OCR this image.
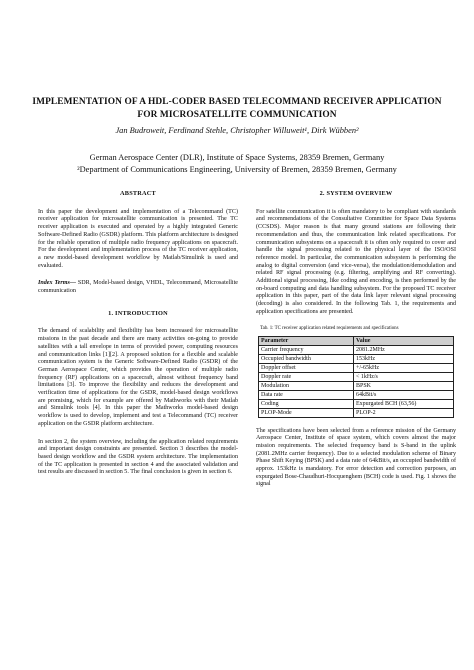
IMPLEMENTATION OF A HDL-CODER BASED TELECOMMAND RECEIVER APPLICATION FOR MICROSATELLITE COMMUNICATION
Jan Budroweit, Ferdinand Stehle, Christopher Willuweit¹, Dirk Wübben²
German Aerospace Center (DLR), Institute of Space Systems, 28359 Bremen, Germany
²Department of Communications Engineering, University of Bremen, 28359 Bremen, Germany
ABSTRACT
In this paper the development and implementation of a Telecommand (TC) receiver application for microsatellite communication is presented. The TC receiver application is executed and operated by a highly integrated Generic Software-Defined Radio (GSDR) platform. This platform architecture is designed for the reliable operation of multiple radio frequency applications on spacecraft. For the development and implementation process of the TC receiver application, a new model-based development workflow by Matlab/Simulink is used and evaluated.
Index Terms— SDR, Model-based design, VHDL, Telecommand, Microsatellite communication
1. INTRODUCTION
The demand of scalability and flexibility has been increased for microsatellite missions in the past decade and there are many activities on-going to provide satellites with a tall envelope in terms of provided power, computing resources and communication links [1][2]. A proposed solution for a flexible and scalable communication system is the Generic Software-Defined Radio (GSDR) of the German Aerospace Center, which provides the operation of multiple radio frequency (RF) applications on a spacecraft, almost without frequency band limitations [3]. To improve the flexibility and reduces the development and verification time of applications for the GSDR, model-based design workflows are promising, which for example are offered by Mathworks with their Matlab and Simulink tools [4]. In this paper the Mathworks model-based design workflow is used to develop, implement and test a Telecommand (TC) receiver application on the GSDR platform architecture.
In section 2, the system overview, including the application related requirements and important design constraints are presented. Section 3 describes the model-based design workflow and the GSDR system architecture. The implementation of the TC application is presented in section 4 and the associated validation and test results are discussed in section 5. The final conclusion is given in section 6.
2. SYSTEM OVERVIEW
For satellite communication it is often mandatory to be compliant with standards and recommendations of the Consultative Committee for Space Data Systems (CCSDS). Major reason is that many ground stations are following their recommendation and thus, the communication link related specifications. For communication subsystems on a spacecraft it is often only required to cover and handle the signal processing related to the physical layer of the ISO/OSI reference model. In particular, the communication subsystem is performing the analog to digital conversion (and vice-versa), the modulation/demodulation and related RF signal processing (e.g. filtering, amplifying and RF converting). Additional signal processing, like coding and encoding, is then performed by the on-board computing and data handling subsystem. For the proposed TC receiver application in this paper, part of the data link layer relevant signal processing (decoding) is also considered. In the following Tab. 1, the requirements and application specifications are presented.
Tab. 1: TC receiver application related requirements and specifications
Parameter	Value
Carrier frequency	2081.2MHz
Occupied bandwidth	153kHz
Doppler offset	+/-65kHz
Doppler rate	< 1kHz/s
Modulation	BPSK
Data rate	64kBit/s
Coding	Expurgated BCH (63,56)
PLOP-Mode	PLOP-2
The specifications have been selected from a reference mission of the Germany Aerospace Center, Institute of space system, which covers almost the major mission requirements. The selected frequency band is S-band in the uplink (2081.2MHz carrier frequency). Due to a selected modulation scheme of Binary Phase Shift Keying (BPSK) and a data rate of 64kBit/s, an occupied bandwidth of approx. 153kHz is mandatory. For error detection and correction purposes, an expurgated Bose-Chaudhuri-Hocquenghem (BCH) code is used. Fig. 1 shows the signal
